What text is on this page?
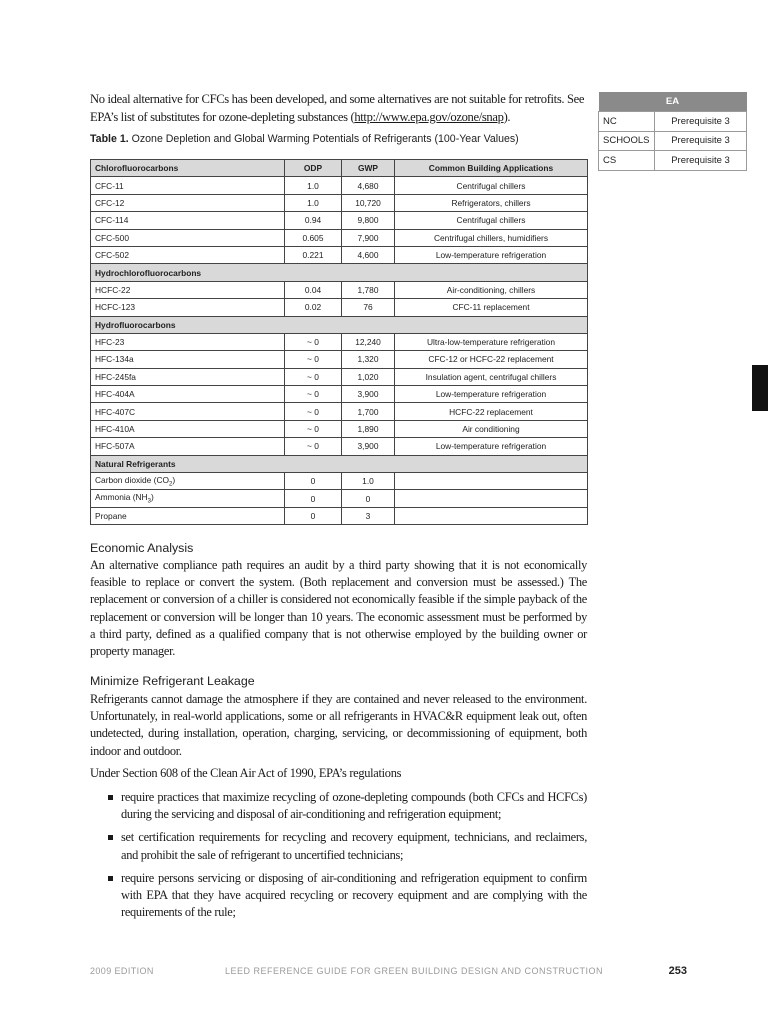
No ideal alternative for CFCs has been developed, and some alternatives are not suitable for retrofits. See EPA’s list of substitutes for ozone-depleting substances (http://www.epa.gov/ozone/snap).
Table 1. Ozone Depletion and Global Warming Potentials of Refrigerants (100-Year Values)
Chlorofluorocarbons	ODP	GWP	Common Building Applications
CFC-11	1.0	4,680	Centrifugal chillers
CFC-12	1.0	10,720	Refrigerators, chillers
CFC-114	0.94	9,800	Centrifugal chillers
CFC-500	0.605	7,900	Centrifugal chillers, humidifiers
CFC-502	0.221	4,600	Low-temperature refrigeration
Hydrochlorofluorocarbons			
HCFC-22	0.04	1,780	Air-conditioning, chillers
HCFC-123	0.02	76	CFC-11 replacement
Hydrofluorocarbons			
HFC-23	~ 0	12,240	Ultra-low-temperature refrigeration
HFC-134a	~ 0	1,320	CFC-12 or HCFC-22 replacement
HFC-245fa	~ 0	1,020	Insulation agent, centrifugal chillers
HFC-404A	~ 0	3,900	Low-temperature refrigeration
HFC-407C	~ 0	1,700	HCFC-22 replacement
HFC-410A	~ 0	1,890	Air conditioning
HFC-507A	~ 0	3,900	Low-temperature refrigeration
Natural Refrigerants			
Carbon dioxide $(CO_2)$	0	1.0	
Ammonia $(NH_3)$	0	0	
Propane	0	3	
EA	
NC	Prerequisite 3
SCHOOLS	Prerequisite 3
CS	Prerequisite 3
Economic Analysis

An alternative compliance path requires an audit by a third party showing that it is not economically feasible to replace or convert the system. (Both replacement and conversion must be assessed.) The replacement or conversion of a chiller is considered not economically feasible if the simple payback of the replacement or conversion will be longer than 10 years. The economic assessment must be performed by a third party, defined as a qualified company that is not otherwise employed by the building owner or property manager.

Minimize Refrigerant Leakage

Refrigerants cannot damage the atmosphere if they are contained and never released to the environment. Unfortunately, in real-world applications, some or all refrigerants in HVAC&R equipment leak out, often undetected, during installation, operation, charging, servicing, or decommissioning of equipment, both indoor and outdoor.

Under Section 608 of the Clean Air Act of 1990, EPA’s regulations

require practices that maximize recycling of ozone-depleting compounds (both CFCs and HCFCs) during the servicing and disposal of air-conditioning and refrigeration equipment;
set certification requirements for recycling and recovery equipment, technicians, and reclaimers, and prohibit the sale of refrigerant to uncertified technicians;
require persons servicing or disposing of air-conditioning and refrigeration equipment to confirm with EPA that they have acquired recycling or recovery equipment and are complying with the requirements of the rule;
2009 EDITION	LEED REFERENCE GUIDE FOR GREEN BUILDING DESIGN AND CONSTRUCTION	253
